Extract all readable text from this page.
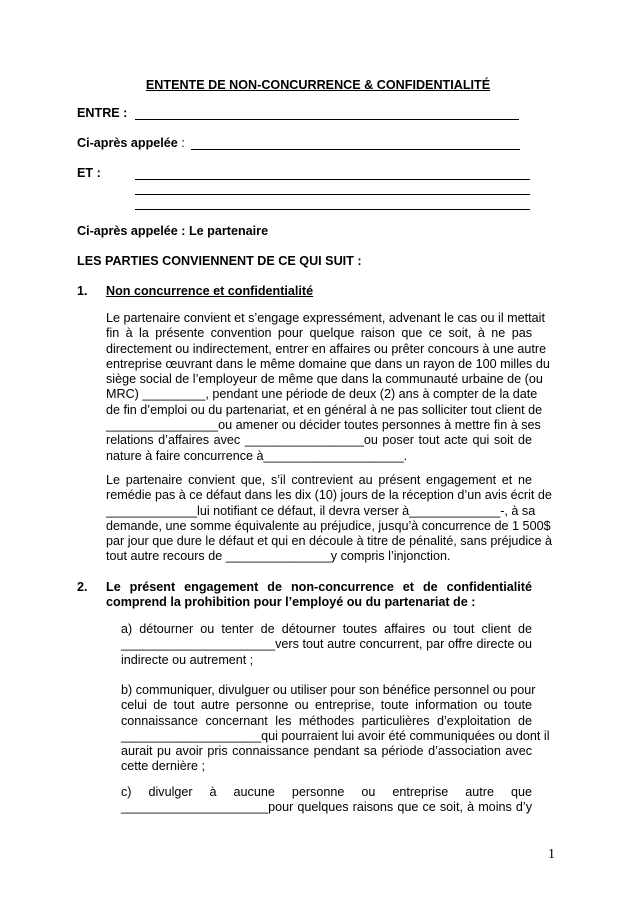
ENTENTE DE NON-CONCURRENCE & CONFIDENTIALITÉ
ENTRE :
Ci-après appelée :
ET :
Ci-après appelée : Le partenaire
LES PARTIES CONVIENNENT DE CE QUI SUIT :
1. Non concurrence et confidentialité
Le partenaire convient et s’engage expressément, advenant le cas ou il mettait
fin à la présente convention pour quelque raison que ce soit, à ne pas
directement ou indirectement, entrer en affaires ou prêter concours à une autre
entreprise œuvrant dans le même domaine que dans un rayon de 100 milles du
siège social de l’employeur de même que dans la communauté urbaine de (ou
MRC) _________, pendant une période de deux (2) ans à compter de la date
de fin d’emploi ou du partenariat, et en général à ne pas solliciter tout client de
________________ou amener ou décider toutes personnes à mettre fin à ses
relations d’affaires avec _________________ou poser tout acte qui soit de
nature à faire concurrence à____________________.
Le partenaire convient que, s’il contrevient au présent engagement et ne
remédie pas à ce défaut dans les dix (10) jours de la réception d’un avis écrit de
_____________lui notifiant ce défaut, il devra verser à_____________-, à sa
demande, une somme équivalente au préjudice, jusqu’à concurrence de 1 500$
par jour que dure le défaut et qui en découle à titre de pénalité, sans préjudice à
tout autre recours de _______________y compris l’injonction.
2. Le présent engagement de non-concurrence et de confidentialité
comprend la prohibition pour l’employé ou du partenariat de :
a) détourner ou tenter de détourner toutes affaires ou tout client de
______________________vers tout autre concurrent, par offre directe ou
indirecte ou autrement ;
b) communiquer, divulguer ou utiliser pour son bénéfice personnel ou pour
celui de tout autre personne ou entreprise, toute information ou toute
connaissance concernant les méthodes particulières d’exploitation de
____________________qui pourraient lui avoir été communiquées ou dont il
aurait pu avoir pris connaissance pendant sa période d’association avec
cette dernière ;
c) divulger à aucune personne ou entreprise autre que
_____________________pour quelques raisons que ce soit, à moins d’y
1
